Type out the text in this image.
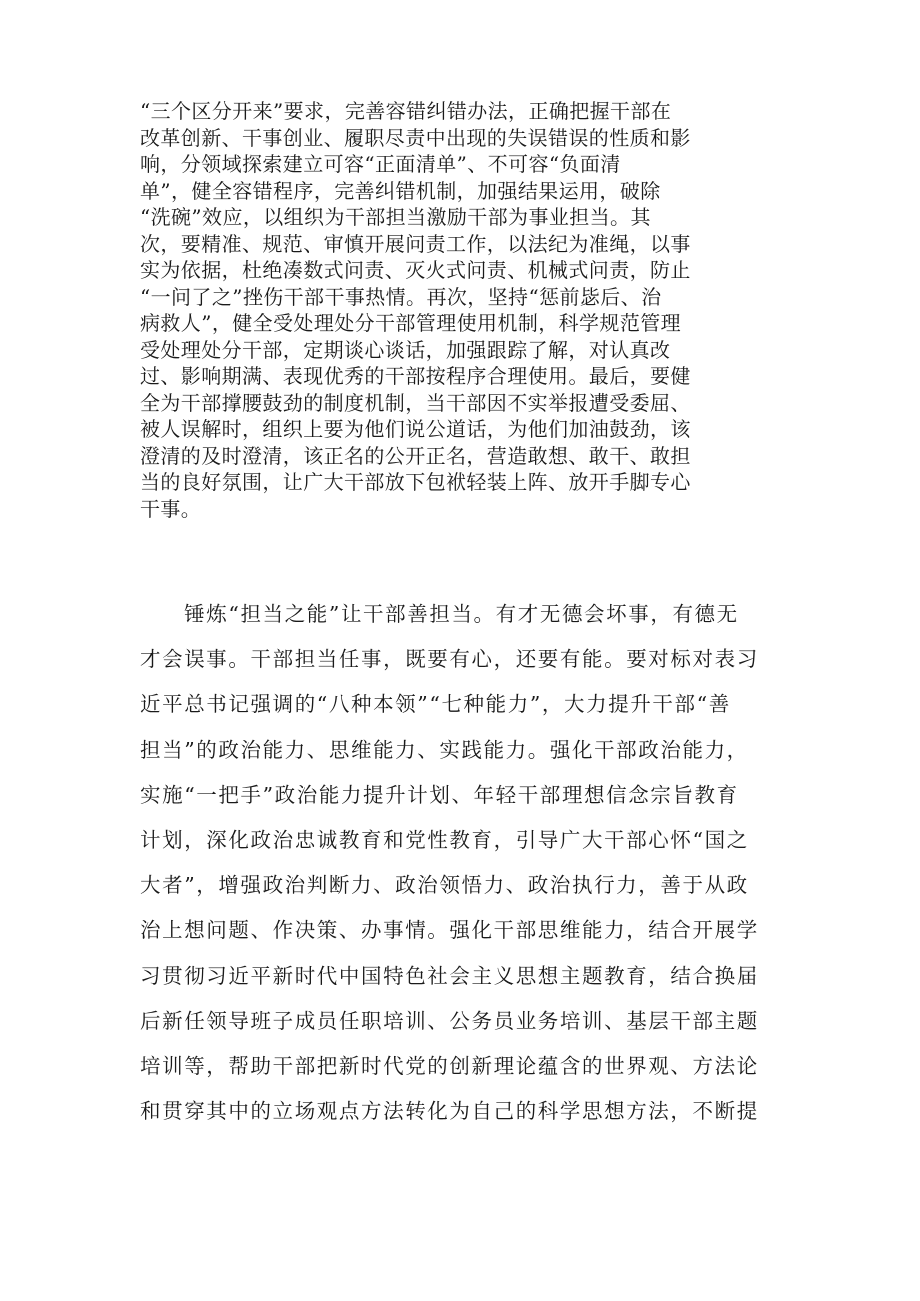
“三个区分开来”要求，完善容错纠错办法，正确把握干部在
改革创新、干事创业、履职尽责中出现的失误错误的性质和影
响，分领域探索建立可容“正面清单”、不可容“负面清
单”，健全容错程序，完善纠错机制，加强结果运用，破除
“洗碗”效应，以组织为干部担当激励干部为事业担当。其
次，要精准、规范、审慎开展问责工作，以法纪为准绳，以事
实为依据，杜绝凑数式问责、灭火式问责、机械式问责，防止
“一问了之”挫伤干部干事热情。再次，坚持“惩前毖后、治
病救人”，健全受处理处分干部管理使用机制，科学规范管理
受处理处分干部，定期谈心谈话，加强跟踪了解，对认真改
过、影响期满、表现优秀的干部按程序合理使用。最后，要健
全为干部撑腰鼓劲的制度机制，当干部因不实举报遭受委屈、
被人误解时，组织上要为他们说公道话，为他们加油鼓劲，该
澄清的及时澄清，该正名的公开正名，营造敢想、敢干、敢担
当的良好氛围，让广大干部放下包袱轻装上阵、放开手脚专心
干事。
　　锤炼“担当之能”让干部善担当。有才无德会坏事，有德无
才会误事。干部担当任事，既要有心，还要有能。要对标对表习
近平总书记强调的“八种本领”“七种能力”，大力提升干部“善
担当”的政治能力、思维能力、实践能力。强化干部政治能力，
实施“一把手”政治能力提升计划、年轻干部理想信念宗旨教育
计划，深化政治忠诚教育和党性教育，引导广大干部心怀“国之
大者”，增强政治判断力、政治领悟力、政治执行力，善于从政
治上想问题、作决策、办事情。强化干部思维能力，结合开展学
习贯彻习近平新时代中国特色社会主义思想主题教育，结合换届
后新任领导班子成员任职培训、公务员业务培训、基层干部主题
培训等，帮助干部把新时代党的创新理论蕴含的世界观、方法论
和贯穿其中的立场观点方法转化为自己的科学思想方法，不断提
